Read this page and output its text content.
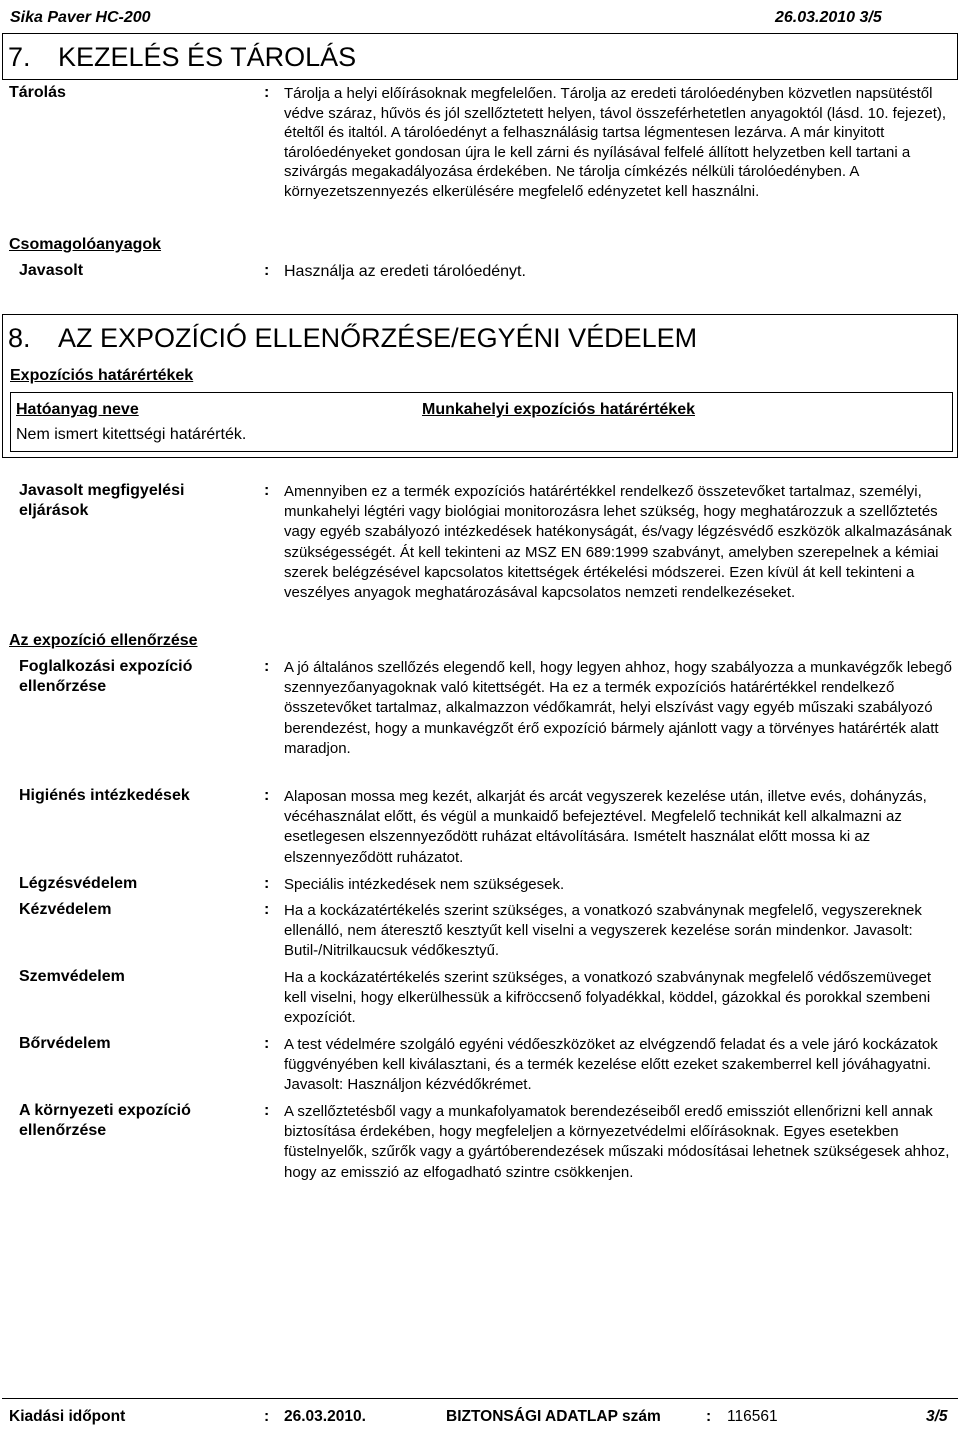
Sika Paver HC-200	26.03.2010 3/5
7. KEZELÉS ÉS TÁROLÁS
Tárolás	: Tárolja a helyi előírásoknak megfelelően. Tárolja az eredeti tárolóedényben közvetlen napsütéstől védve száraz, hűvös és jól szellőztetett helyen, távol összeférhetetlen anyagoktól (lásd. 10. fejezet), ételtől és italtól. A tárolóedényt a felhasználásig tartsa légmentesen lezárva. A már kinyitott tárolóedényeket gondosan újra le kell zárni és nyílásával felfelé állított helyzetben kell tartani a szivárgás megakadályozása érdekében. Ne tárolja címkézés nélküli tárolóedényben. A környezetszennyezés elkerülésére megfelelő edényzetet kell használni.
Csomagolóanyagok
Javasolt	: Használja az eredeti tárolóedényt.
8. AZ EXPOZÍCIÓ ELLENŐRZÉSE/EGYÉNI VÉDELEM
Expozíciós határértékek
Hatóanyag neve	Munkahelyi expozíciós határértékek
Nem ismert kitettségi határérték.
Javasolt megfigyelési eljárások
: Amennyiben ez a termék expozíciós határértékkel rendelkező összetevőket tartalmaz, személyi, munkahelyi légtéri vagy biológiai monitorozásra lehet szükség, hogy meghatározzuk a szellőztetés vagy egyéb szabályozó intézkedések hatékonyságát, és/vagy légzésvédő eszközök alkalmazásának szükségességét. Át kell tekinteni az MSZ EN 689:1999 szabványt, amelyben szerepelnek a kémiai szerek belégzésével kapcsolatos kitettségek értékelési módszerei. Ezen kívül át kell tekinteni a veszélyes anyagok meghatározásával kapcsolatos nemzeti rendelkezéseket.
Az expozíció ellenőrzése
Foglalkozási expozíció ellenőrzése
: A jó általános szellőzés elegendő kell, hogy legyen ahhoz, hogy szabályozza a munkavégzők lebegő szennyezőanyagoknak való kitettségét. Ha ez a termék expozíciós határértékkel rendelkező összetevőket tartalmaz, alkalmazzon védőkamrát, helyi elszívást vagy egyéb műszaki szabályozó berendezést, hogy a munkavégzőt érő expozíció bármely ajánlott vagy a törvényes határérték alatt maradjon.
Higiénés intézkedések	: Alaposan mossa meg kezét, alkarját és arcát vegyszerek kezelése után, illetve evés, dohányzás, vécéhasználat előtt, és végül a munkaidő befejeztével. Megfelelő technikát kell alkalmazni az esetlegesen elszennyeződött ruházat eltávolítására. Ismételt használat előtt mossa ki az elszennyeződött ruházatot.
Légzésvédelem	: Speciális intézkedések nem szükségesek.
Kézvédelem	: Ha a kockázatértékelés szerint szükséges, a vonatkozó szabványnak megfelelő, vegyszereknek ellenálló, nem áteresztő kesztyűt kell viselni a vegyszerek kezelése során mindenkor. Javasolt: Butil-/Nitrilkaucsuk védőkesztyű.
Szemvédelem	Ha a kockázatértékelés szerint szükséges, a vonatkozó szabványnak megfelelő védőszemüveget kell viselni, hogy elkerülhessük a kifröccsenő folyadékkal, köddel, gázokkal és porokkal szembeni expozíciót.
Bőrvédelem	: A test védelmére szolgáló egyéni védőeszközöket az elvégzendő feladat és a vele járó kockázatok függvényében kell kiválasztani, és a termék kezelése előtt ezeket szakemberrel kell jóváhagyatni. Javasolt: Használjon kézvédőkrémet.
A környezeti expozíció ellenőrzése
: A szellőztetésből vagy a munkafolyamatok berendezéseiből eredő emissziót ellenőrizni kell annak biztosítása érdekében, hogy megfeleljen a környezetvédelmi előírásoknak. Egyes esetekben füstelnyelők, szűrők vagy a gyártóberendezések műszaki módosításai lehetnek szükségesek ahhoz, hogy az emisszió az elfogadható szintre csökkenjen.
Kiadási időpont	: 26.03.2010.	BIZTONSÁGI ADATLAP szám	: 116561	3/5
